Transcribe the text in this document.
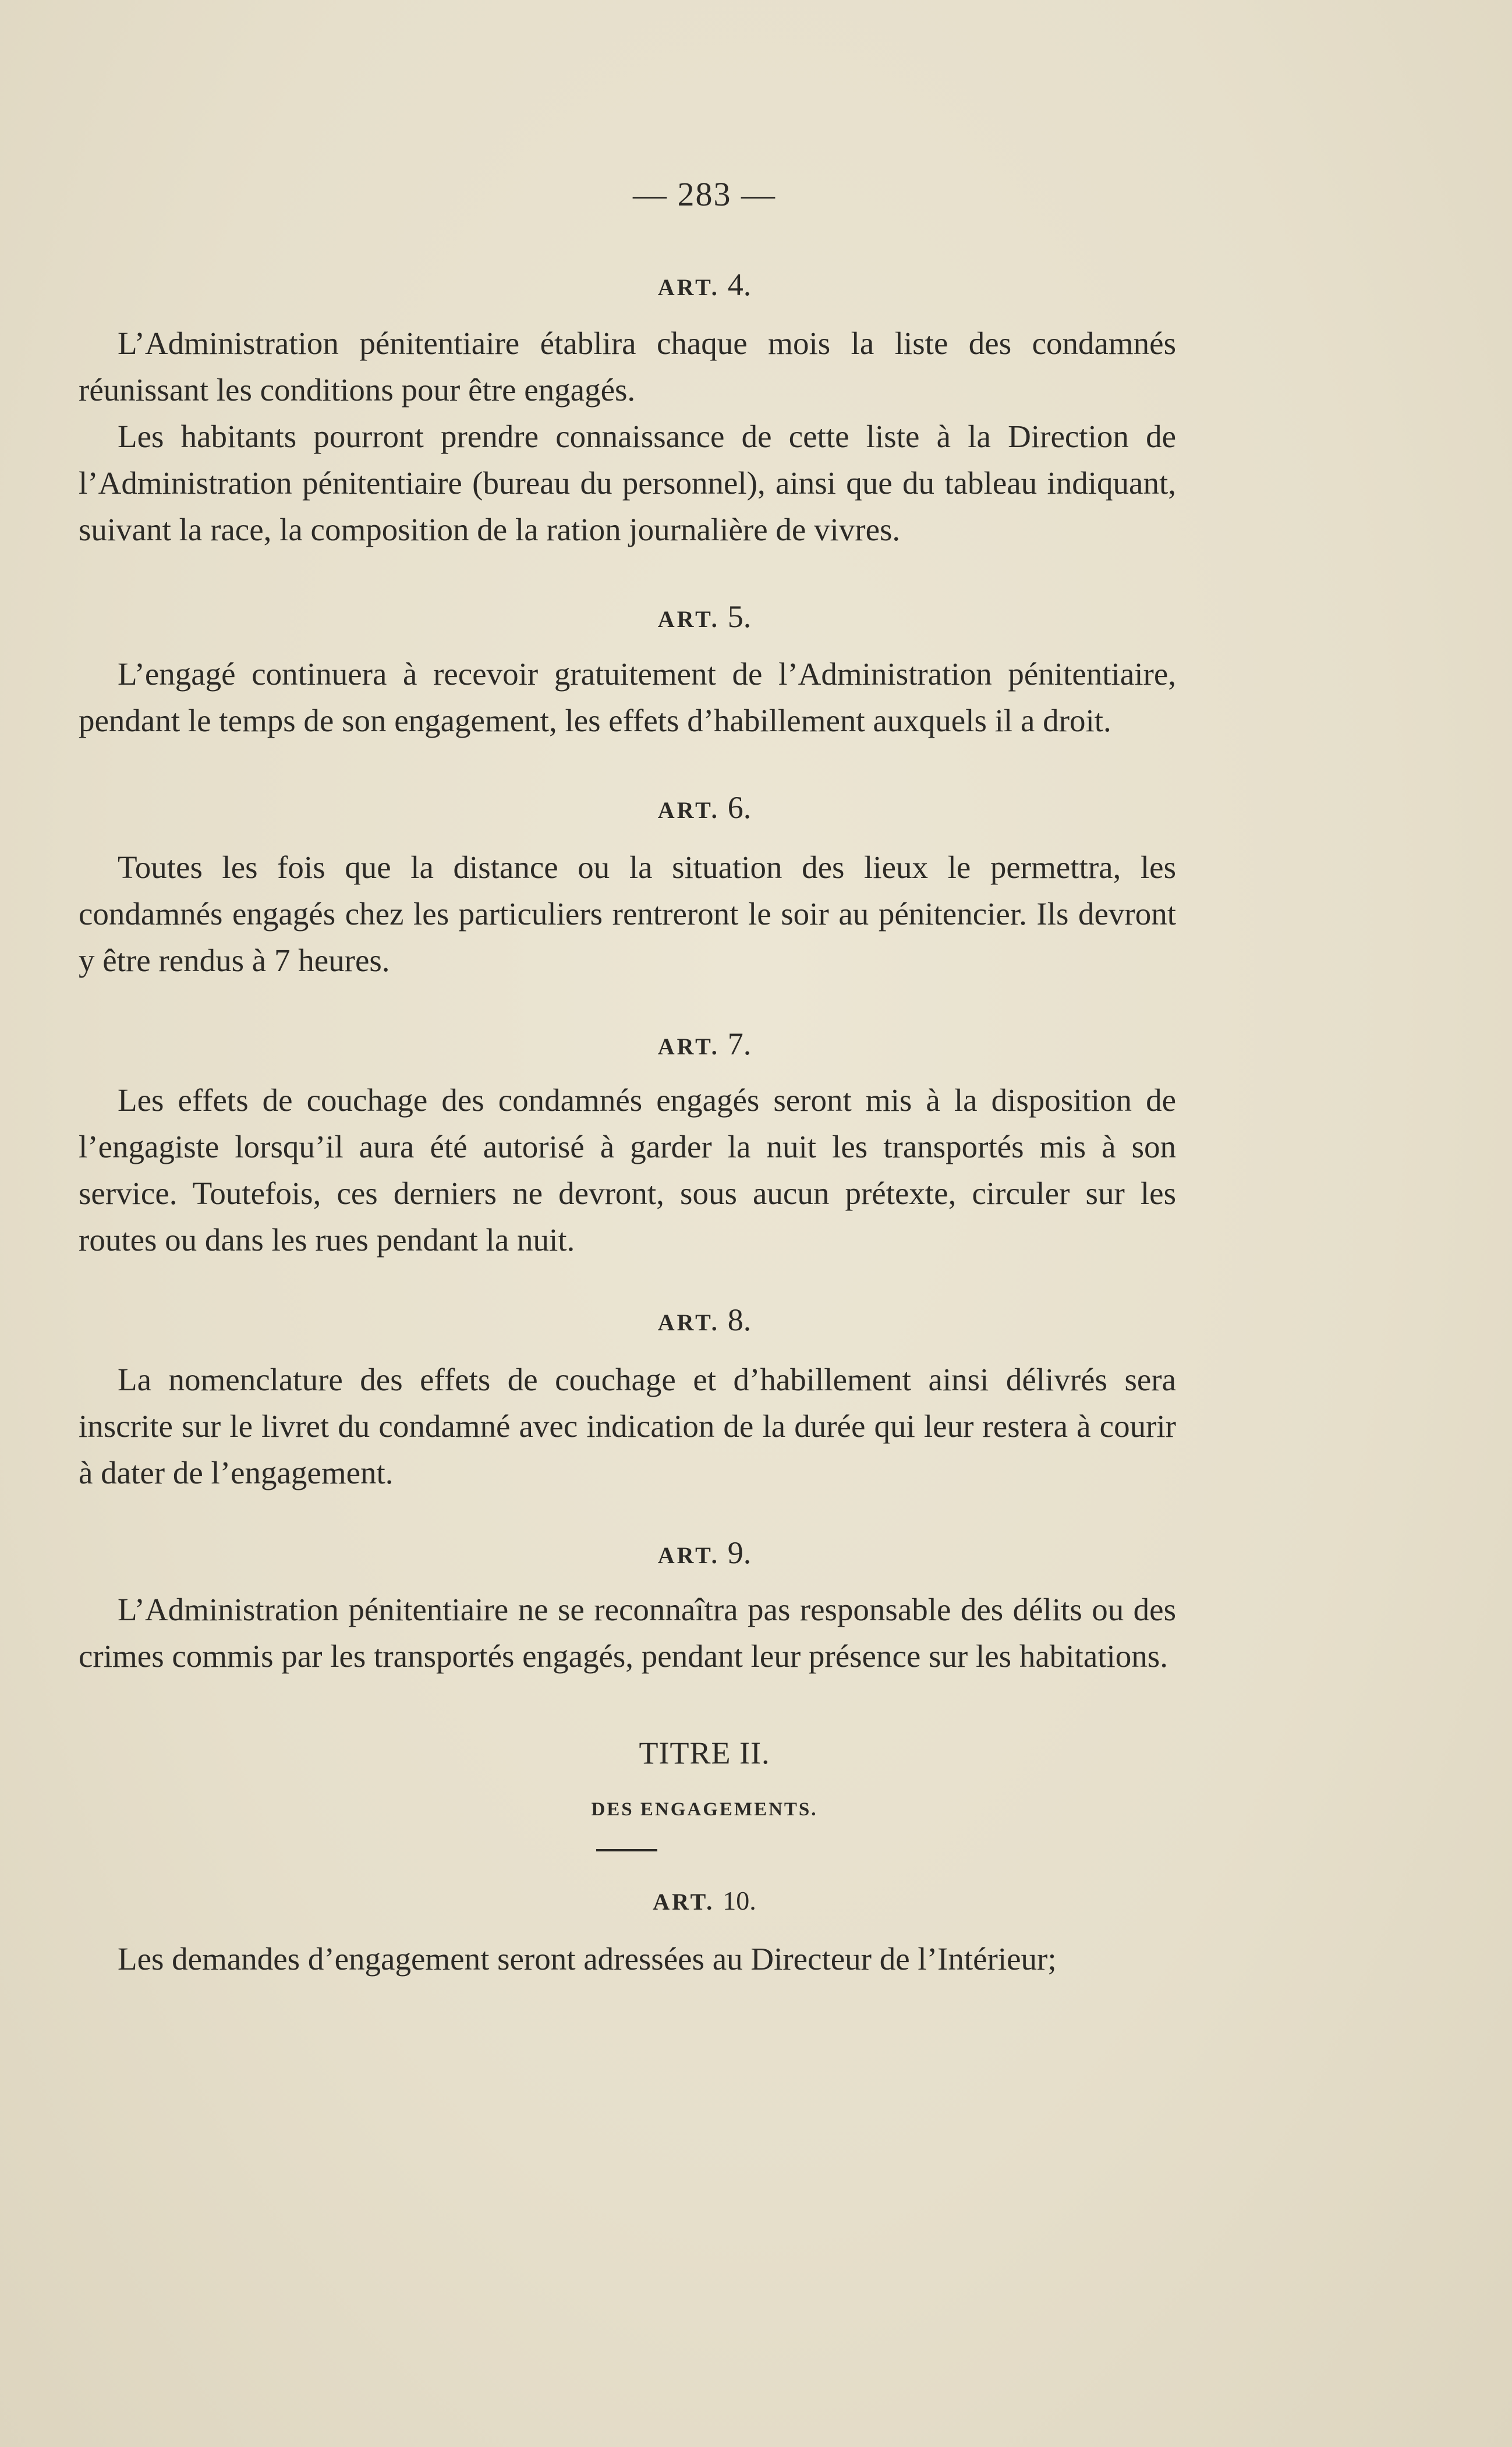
— 283 —
ART. 4.

L’Administration pénitentiaire établira chaque mois la liste des condamnés réunissant les conditions pour être engagés.

Les habitants pourront prendre connaissance de cette liste à la Direction de l’Administration pénitentiaire (bureau du personnel), ainsi que du tableau indiquant, suivant la race, la composition de la ration journalière de vivres.

ART. 5.

L’engagé continuera à recevoir gratuitement de l’Administration pénitentiaire, pendant le temps de son engagement, les effets d’habillement auxquels il a droit.

ART. 6.

Toutes les fois que la distance ou la situation des lieux le permettra, les condamnés engagés chez les particuliers rentreront le soir au pénitencier. Ils devront y être rendus à 7 heures.

ART. 7.

Les effets de couchage des condamnés engagés seront mis à la disposition de l’engagiste lorsqu’il aura été autorisé à garder la nuit les transportés mis à son service. Toutefois, ces derniers ne devront, sous aucun prétexte, circuler sur les routes ou dans les rues pendant la nuit.

ART. 8.

La nomenclature des effets de couchage et d’habillement ainsi délivrés sera inscrite sur le livret du condamné avec indication de la durée qui leur restera à courir à dater de l’engagement.

ART. 9.

L’Administration pénitentiaire ne se reconnaîtra pas responsable des délits ou des crimes commis par les transportés engagés, pendant leur présence sur les habitations.

TITRE II.
DES ENGAGEMENTS.
ART. 10.

Les demandes d’engagement seront adressées au Directeur de l’Intérieur;
